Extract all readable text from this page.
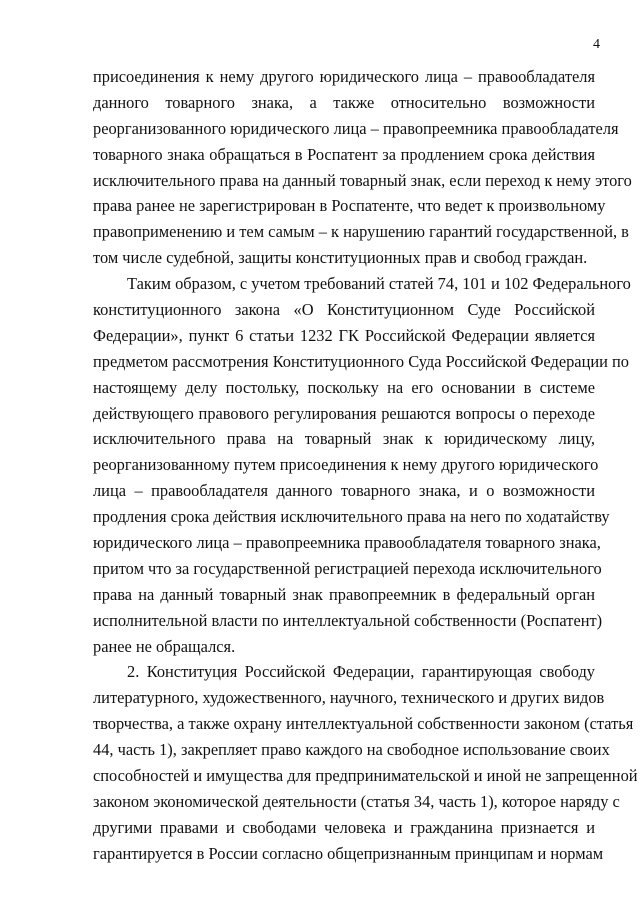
4
присоединения к нему другого юридического лица – правообладателя
данного товарного знака, а также относительно возможности
реорганизованного юридического лица – правопреемника правообладателя
товарного знака обращаться в Роспатент за продлением срока действия
исключительного права на данный товарный знак, если переход к нему этого
права ранее не зарегистрирован в Роспатенте, что ведет к произвольному
правоприменению и тем самым – к нарушению гарантий государственной, в
том числе судебной, защиты конституционных прав и свобод граждан.
Таким образом, с учетом требований статей 74, 101 и 102 Федерального
конституционного закона «О Конституционном Суде Российской
Федерации», пункт 6 статьи 1232 ГК Российской Федерации является
предметом рассмотрения Конституционного Суда Российской Федерации по
настоящему делу постольку, поскольку на его основании в системе
действующего правового регулирования решаются вопросы о переходе
исключительного права на товарный знак к юридическому лицу,
реорганизованному путем присоединения к нему другого юридического
лица – правообладателя данного товарного знака, и о возможности
продления срока действия исключительного права на него по ходатайству
юридического лица – правопреемника правообладателя товарного знака,
притом что за государственной регистрацией перехода исключительного
права на данный товарный знак правопреемник в федеральный орган
исполнительной власти по интеллектуальной собственности (Роспатент)
ранее не обращался.
2. Конституция Российской Федерации, гарантирующая свободу
литературного, художественного, научного, технического и других видов
творчества, а также охрану интеллектуальной собственности законом (статья
44, часть 1), закрепляет право каждого на свободное использование своих
способностей и имущества для предпринимательской и иной не запрещенной
законом экономической деятельности (статья 34, часть 1), которое наряду с
другими правами и свободами человека и гражданина признается и
гарантируется в России согласно общепризнанным принципам и нормам
